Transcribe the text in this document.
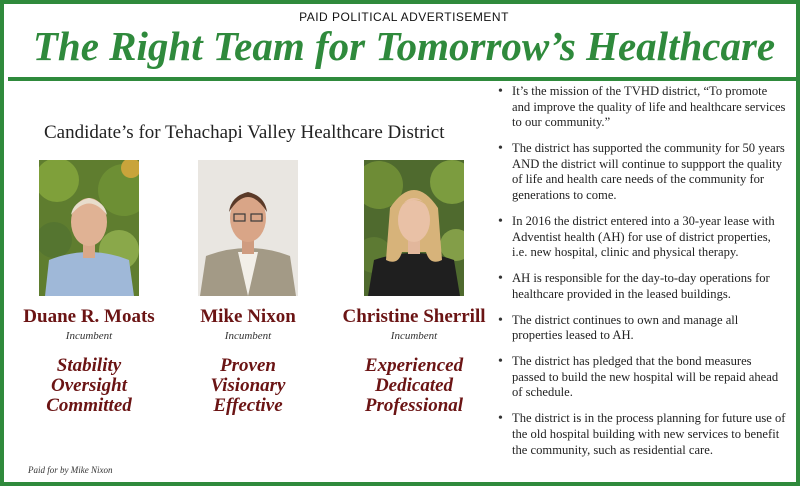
PAID POLITICAL ADVERTISEMENT
The Right Team for Tomorrow’s Healthcare
Candidate’s for Tehachapi Valley Healthcare District
Duane R. Moats
Incumbent
Stability
Oversight
Committed
Mike Nixon
Incumbent
Proven
Visionary
Effective
Christine Sherrill
Incumbent
Experienced
Dedicated
Professional
• It’s the mission of the TVHD district, “To promote and improve the quality of life and healthcare services to our community.”
• The district has supported the community for 50 years AND the district will continue to suppport the quality of life and health care needs of the community for generations to come.
• In 2016 the district entered into a 30-year lease with Adventist health (AH) for use of district properties, i.e. new hospital, clinic and physical therapy.
• AH is responsible for the day-to-day operations for healthcare provided in the leased buildings.
• The district continues to own and manage all properties leased to AH.
• The district has pledged that the bond measures passed to build the new hospital will be repaid ahead of schedule.
• The district is in the process planning for future use of the old hospital building with new services to benefit the community, such as residential care.
Paid for by Mike Nixon
